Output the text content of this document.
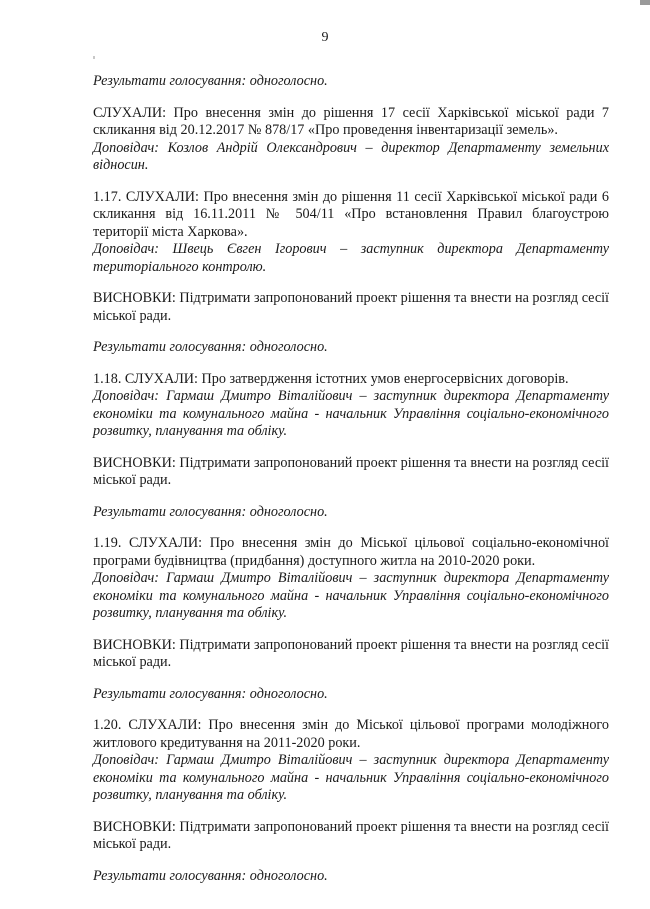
9

Результати голосування: одноголосно.

СЛУХАЛИ: Про внесення змін до рішення 17 сесії Харківської міської ради 7 скликання від 20.12.2017 № 878/17 «Про проведення інвентаризації земель».

Доповідач: Козлов Андрій Олександрович – директор Департаменту земельних відносин.

1.17. СЛУХАЛИ: Про внесення змін до рішення 11 сесії Харківської міської ради 6 скликання від 16.11.2011 № 504/11 «Про встановлення Правил благоустрою території міста Харкова».

Доповідач: Швець Євген Ігорович – заступник директора Департаменту територіального контролю.

ВИСНОВКИ: Підтримати запропонований проект рішення та внести на розгляд сесії міської ради.

Результати голосування: одноголосно.

1.18. СЛУХАЛИ: Про затвердження істотних умов енергосервісних договорів.

Доповідач: Гармаш Дмитро Віталійович – заступник директора Департаменту економіки та комунального майна - начальник Управління соціально-економічного розвитку, планування та обліку.

ВИСНОВКИ: Підтримати запропонований проект рішення та внести на розгляд сесії міської ради.

Результати голосування: одноголосно.

1.19. СЛУХАЛИ: Про внесення змін до Міської цільової соціально-економічної програми будівництва (придбання) доступного житла на 2010-2020 роки.

Доповідач: Гармаш Дмитро Віталійович – заступник директора Департаменту економіки та комунального майна - начальник Управління соціально-економічного розвитку, планування та обліку.

ВИСНОВКИ: Підтримати запропонований проект рішення та внести на розгляд сесії міської ради.

Результати голосування: одноголосно.

1.20. СЛУХАЛИ: Про внесення змін до Міської цільової програми молодіжного житлового кредитування на 2011-2020 роки.

Доповідач: Гармаш Дмитро Віталійович – заступник директора Департаменту економіки та комунального майна - начальник Управління соціально-економічного розвитку, планування та обліку.

ВИСНОВКИ: Підтримати запропонований проект рішення та внести на розгляд сесії міської ради.

Результати голосування: одноголосно.
